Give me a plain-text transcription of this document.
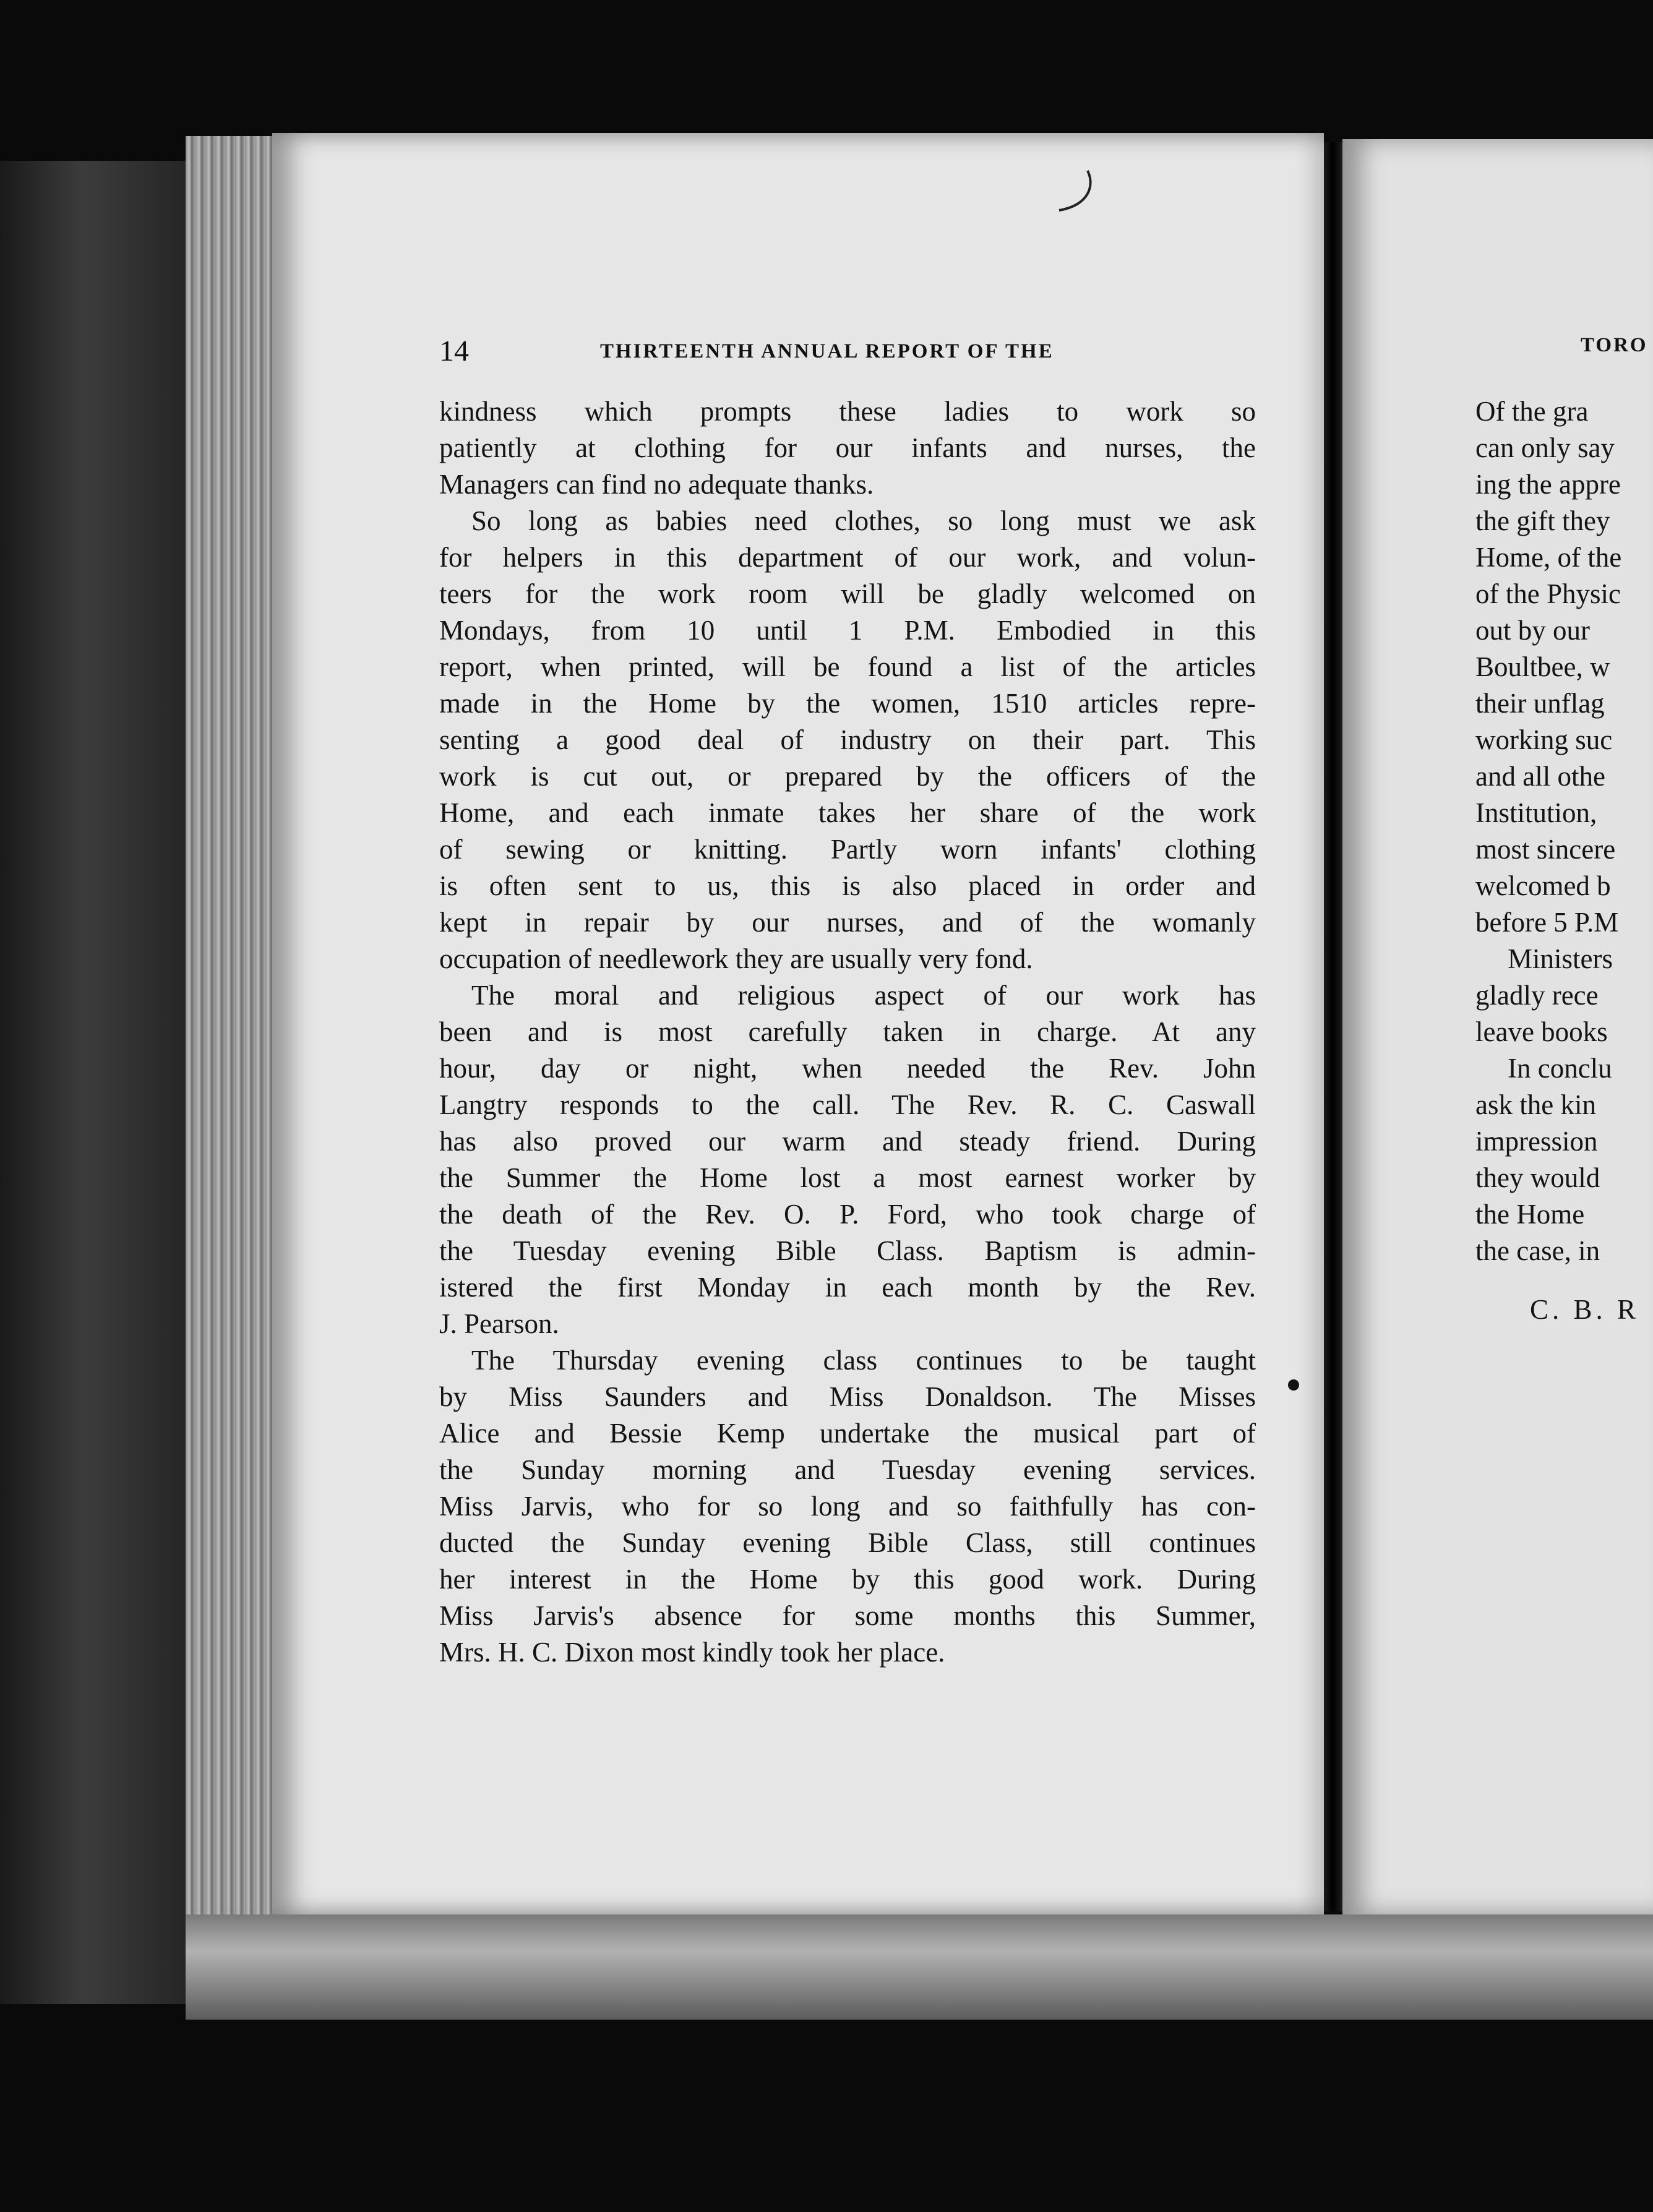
14	THIRTEENTH ANNUAL REPORT OF THE
kindness which prompts these ladies to work so
patiently at clothing for our infants and nurses, the
Managers can find no adequate thanks.
So long as babies need clothes, so long must we ask
for helpers in this department of our work, and volun-
teers for the work room will be gladly welcomed on
Mondays, from 10 until 1 P.M. Embodied in this
report, when printed, will be found a list of the articles
made in the Home by the women, 1510 articles repre-
senting a good deal of industry on their part. This
work is cut out, or prepared by the officers of the
Home, and each inmate takes her share of the work
of sewing or knitting. Partly worn infants' clothing
is often sent to us, this is also placed in order and
kept in repair by our nurses, and of the womanly
occupation of needlework they are usually very fond.
The moral and religious aspect of our work has
been and is most carefully taken in charge. At any
hour, day or night, when needed the Rev. John
Langtry responds to the call. The Rev. R. C. Caswall
has also proved our warm and steady friend. During
the Summer the Home lost a most earnest worker by
the death of the Rev. O. P. Ford, who took charge of
the Tuesday evening Bible Class. Baptism is admin-
istered the first Monday in each month by the Rev.
J. Pearson.
The Thursday evening class continues to be taught
by Miss Saunders and Miss Donaldson. The Misses
Alice and Bessie Kemp undertake the musical part of
the Sunday morning and Tuesday evening services.
Miss Jarvis, who for so long and so faithfully has con-
ducted the Sunday evening Bible Class, still continues
her interest in the Home by this good work. During
Miss Jarvis's absence for some months this Summer,
Mrs. H. C. Dixon most kindly took her place.
TORO
Of the gra
can only say
ing the appre
the gift they
Home, of the
of the Physic
out by our
Boultbee, w
their unflag
working suc
and all othe
Institution,
most sincere
welcomed b
before 5 P.M
Ministers
gladly rece
leave books
In conclu
ask the kin
impression
they would
the Home
the case, in
C. B. R
